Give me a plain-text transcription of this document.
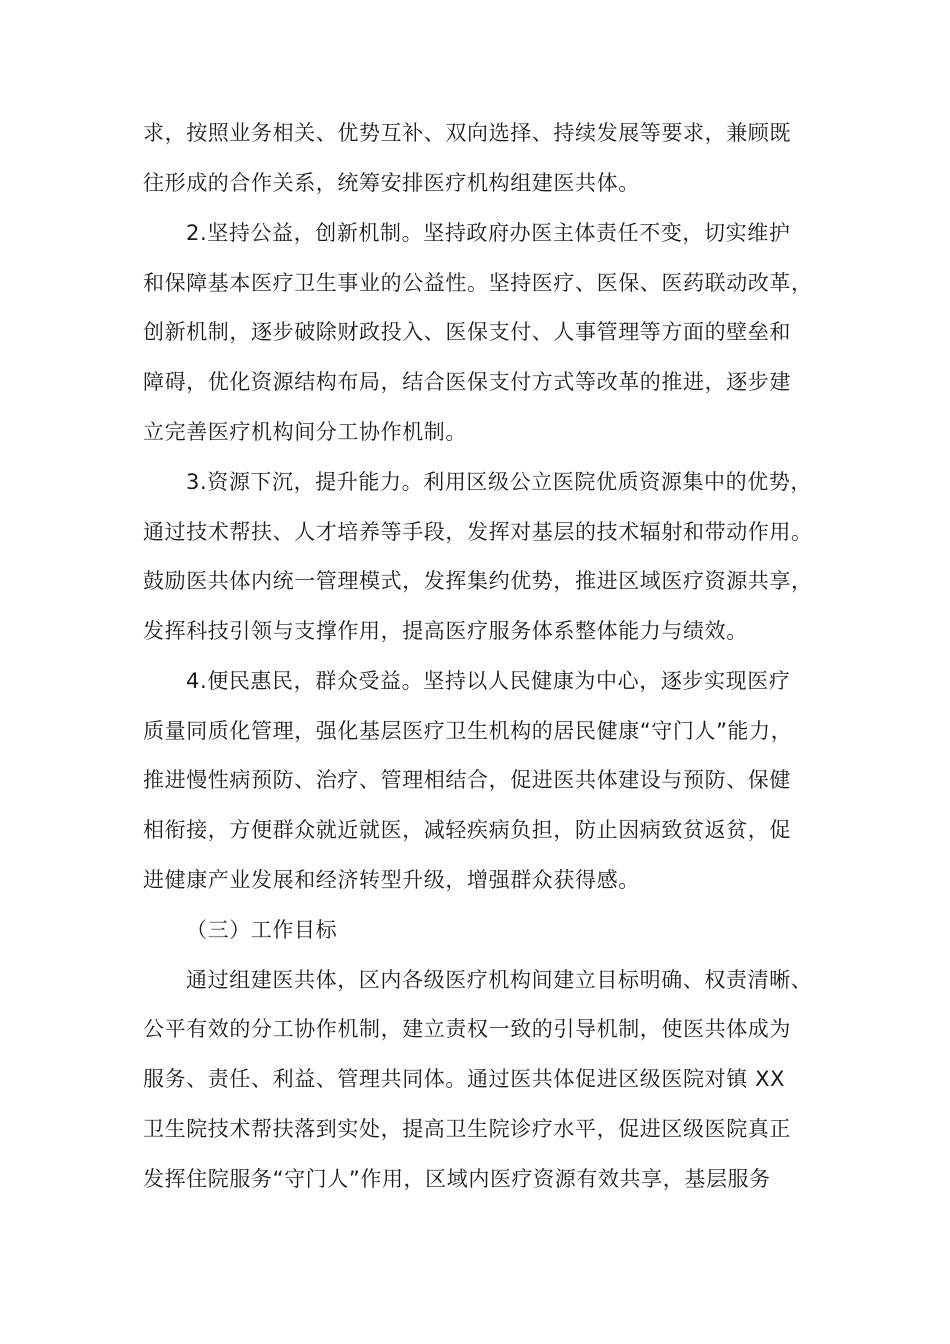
求，按照业务相关、优势互补、双向选择、持续发展等要求，兼顾既
往形成的合作关系，统筹安排医疗机构组建医共体。
2.坚持公益，创新机制。坚持政府办医主体责任不变，切实维护
和保障基本医疗卫生事业的公益性。坚持医疗、医保、医药联动改革，
创新机制，逐步破除财政投入、医保支付、人事管理等方面的壁垒和
障碍，优化资源结构布局，结合医保支付方式等改革的推进，逐步建
立完善医疗机构间分工协作机制。
3.资源下沉，提升能力。利用区级公立医院优质资源集中的优势，
通过技术帮扶、人才培养等手段，发挥对基层的技术辐射和带动作用。
鼓励医共体内统一管理模式，发挥集约优势，推进区域医疗资源共享，
发挥科技引领与支撑作用，提高医疗服务体系整体能力与绩效。
4.便民惠民，群众受益。坚持以人民健康为中心，逐步实现医疗
质量同质化管理，强化基层医疗卫生机构的居民健康“守门人”能力，
推进慢性病预防、治疗、管理相结合，促进医共体建设与预防、保健
相衔接，方便群众就近就医，减轻疾病负担，防止因病致贫返贫，促
进健康产业发展和经济转型升级，增强群众获得感。
（三）工作目标
通过组建医共体，区内各级医疗机构间建立目标明确、权责清晰、
公平有效的分工协作机制，建立责权一致的引导机制，使医共体成为
服务、责任、利益、管理共同体。通过医共体促进区级医院对镇 XX
卫生院技术帮扶落到实处，提高卫生院诊疗水平，促进区级医院真正
发挥住院服务“守门人”作用，区域内医疗资源有效共享，基层服务
